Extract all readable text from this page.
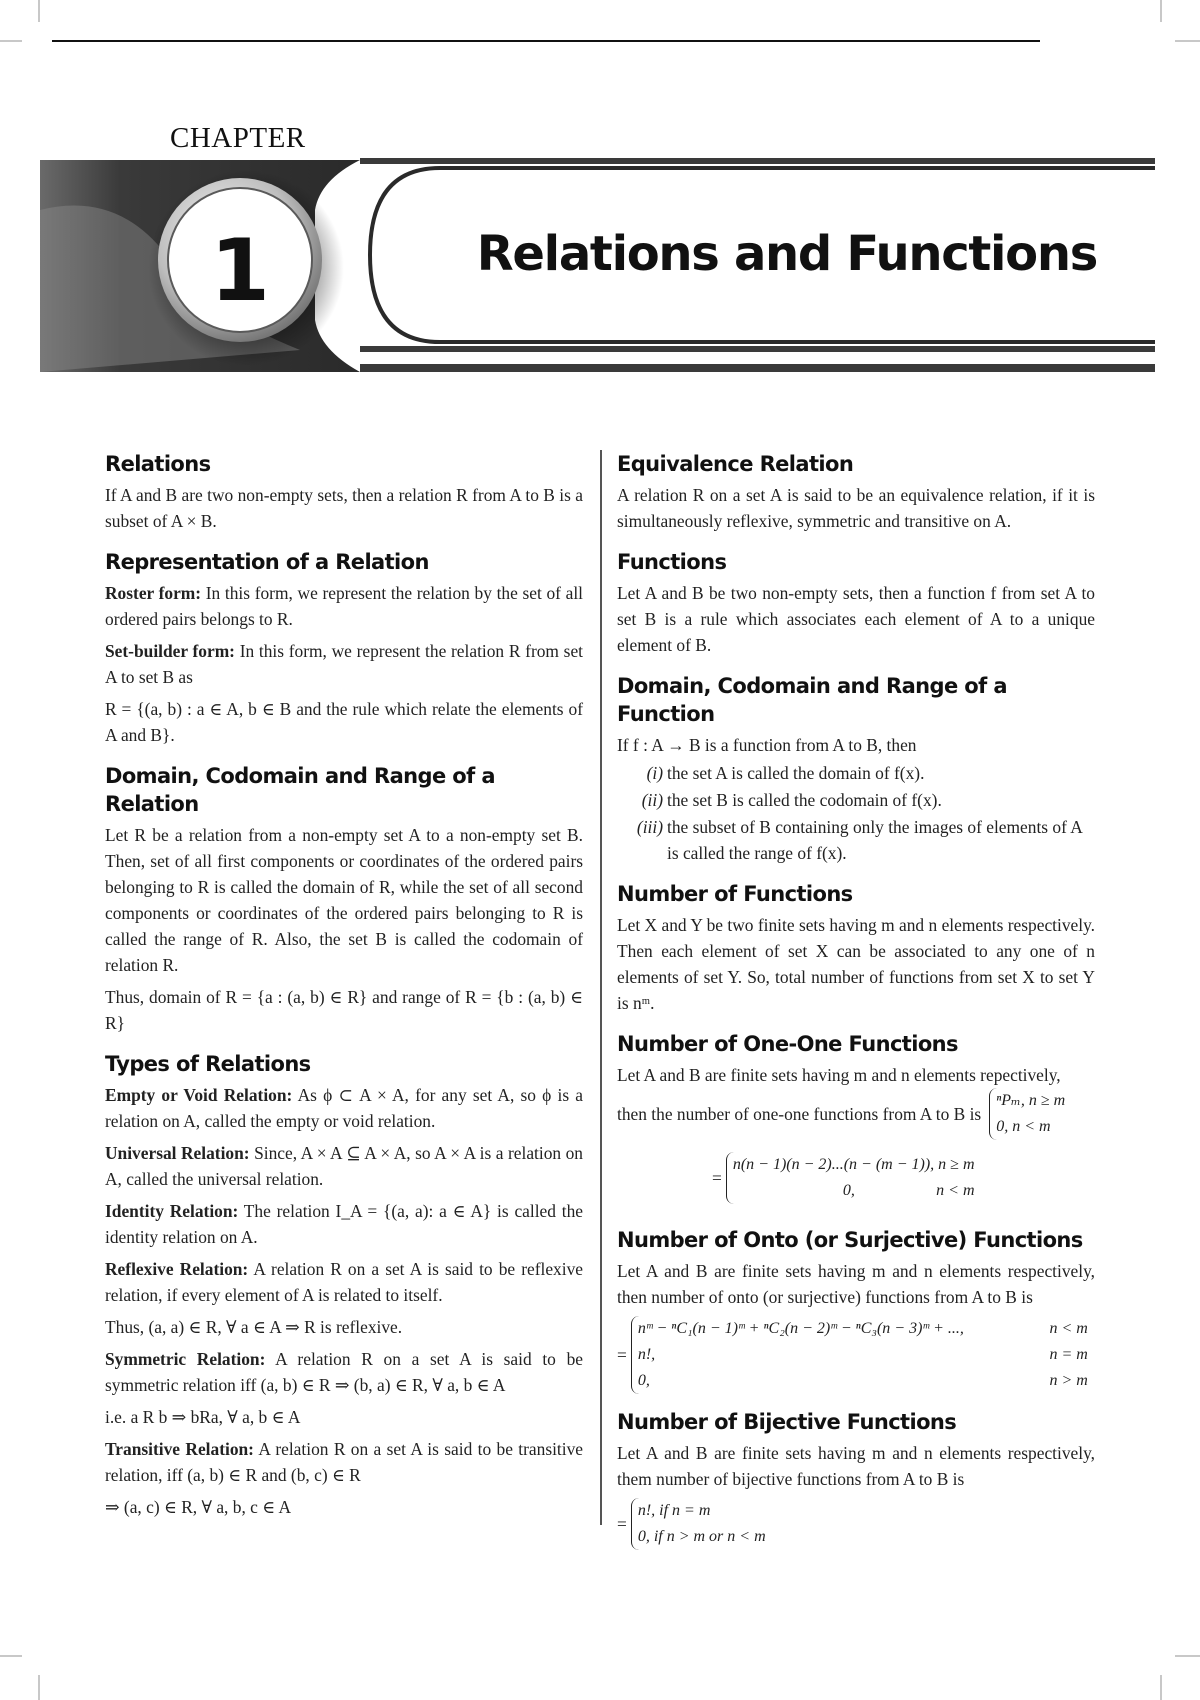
CHAPTER
1	Relations and Functions
Relations

If A and B are two non-empty sets, then a relation R from A to B is a subset of A × B.

Representation of a Relation

Roster form: In this form, we represent the relation by the set of all ordered pairs belongs to R.

Set-builder form: In this form, we represent the relation R from set A to set B as

R = {(a, b) : a ∈ A, b ∈ B and the rule which relate the elements of A and B}.

Domain, Codomain and Range of a Relation

Let R be a relation from a non-empty set A to a non-empty set B. Then, set of all first components or coordinates of the ordered pairs belonging to R is called the domain of R, while the set of all second components or coordinates of the ordered pairs belonging to R is called the range of R. Also, the set B is called the codomain of relation R.

Thus, domain of R = {a : (a, b) ∈ R} and range of R = {b : (a, b) ∈ R}

Types of Relations

Empty or Void Relation: As ϕ ⊂ A × A, for any set A, so ϕ is a relation on A, called the empty or void relation.

Universal Relation: Since, A × A ⊆ A × A, so A × A is a relation on A, called the universal relation.

Identity Relation: The relation I_A = {(a, a): a ∈ A} is called the identity relation on A.

Reflexive Relation: A relation R on a set A is said to be reflexive relation, if every element of A is related to itself.

Thus, (a, a) ∈ R, ∀ a ∈ A ⇒ R is reflexive.

Symmetric Relation: A relation R on a set A is said to be symmetric relation iff (a, b) ∈ R ⇒ (b, a) ∈ R, ∀ a, b ∈ A

i.e. a R b ⇒ bRa, ∀ a, b ∈ A

Transitive Relation: A relation R on a set A is said to be transitive relation, iff (a, b) ∈ R and (b, c) ∈ R

⇒ (a, c) ∈ R, ∀ a, b, c ∈ A

Equivalence Relation

A relation R on a set A is said to be an equivalence relation, if it is simultaneously reflexive, symmetric and transitive on A.

Functions

Let A and B be two non-empty sets, then a function f from set A to set B is a rule which associates each element of A to a unique element of B.

Domain, Codomain and Range of a Function

If f : A → B is a function from A to B, then

(i) the set A is called the domain of f(x).
(ii) the set B is called the codomain of f(x).
(iii) the subset of B containing only the images of elements of A is called the range of f(x).
Number of Functions

Let X and Y be two finite sets having m and n elements respectively. Then each element of set X can be associated to any one of n elements of set Y. So, total number of functions from set X to set Y is nᵐ.

Number of One-One Functions

Let A and B are finite sets having m and n elements repectively,

then the number of one-one functions from A to B is
ⁿPₘ, n ≥ m
0, n < m
=
n(n − 1)(n − 2)...(n − (m − 1)), n ≥ m
0,	n < m
Number of Onto (or Surjective) Functions

Let A and B are finite sets having m and n elements respectively, then number of onto (or surjective) functions from A to B is

=
nᵐ − ⁿC₁(n − 1)ᵐ + ⁿC₂(n − 2)ᵐ − ⁿC₃(n − 3)ᵐ + ...,	n < m
n!,	n = m
0,	n > m
Number of Bijective Functions

Let A and B are finite sets having m and n elements respectively, them number of bijective functions from A to B is

=
n!, if n = m
0, if n > m or n < m
